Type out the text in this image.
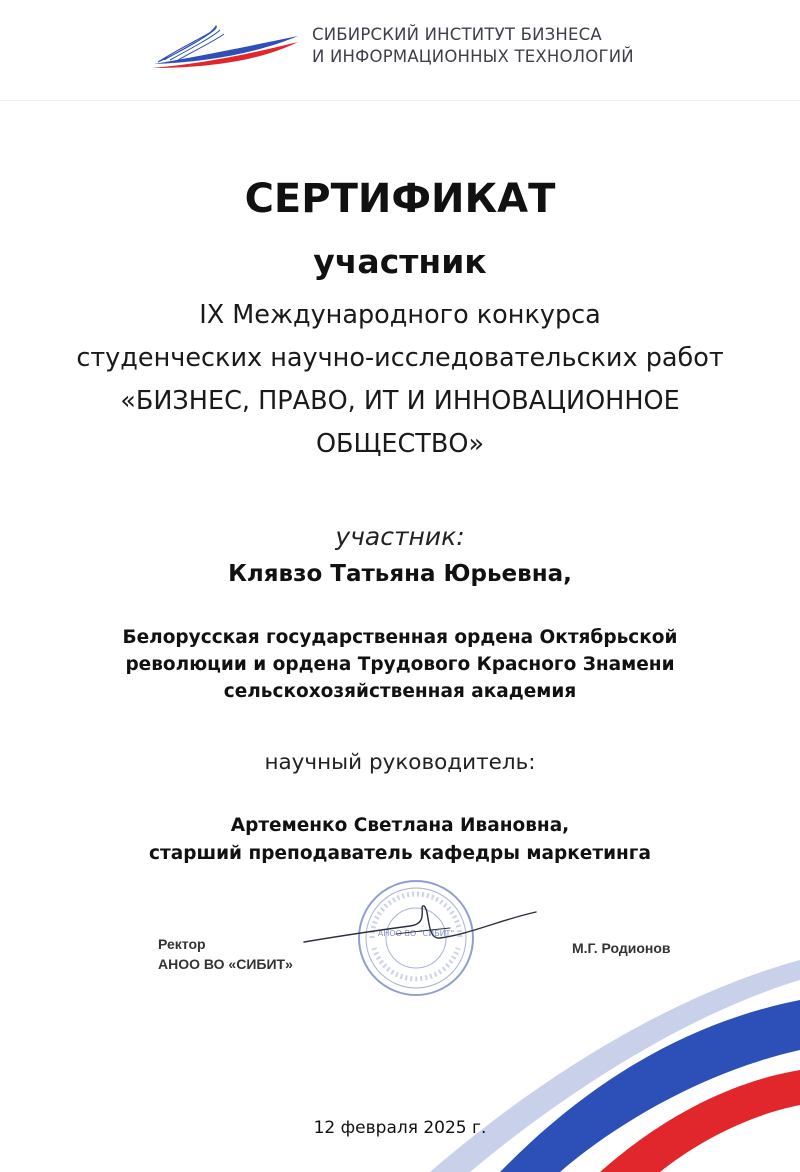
СИБИРСКИЙ ИНСТИТУТ БИЗНЕСА
И ИНФОРМАЦИОННЫХ ТЕХНОЛОГИЙ
СЕРТИФИКАТ
участник
IX Международного конкурса
студенческих научно-исследовательских работ
«БИЗНЕС, ПРАВО, ИТ И ИННОВАЦИОННОЕ
ОБЩЕСТВО»
участник:
Клявзо Татьяна Юрьевна,
Белорусская государственная ордена Октябрьской
революции и ордена Трудового Красного Знамени
сельскохозяйственная академия
научный руководитель:
Артеменко Светлана Ивановна,
старший преподаватель кафедры маркетинга
Ректор
АНОО ВО «СИБИТ»
АНОО ВО "СИБИТ"
М.Г. Родионов
12 февраля 2025 г.
